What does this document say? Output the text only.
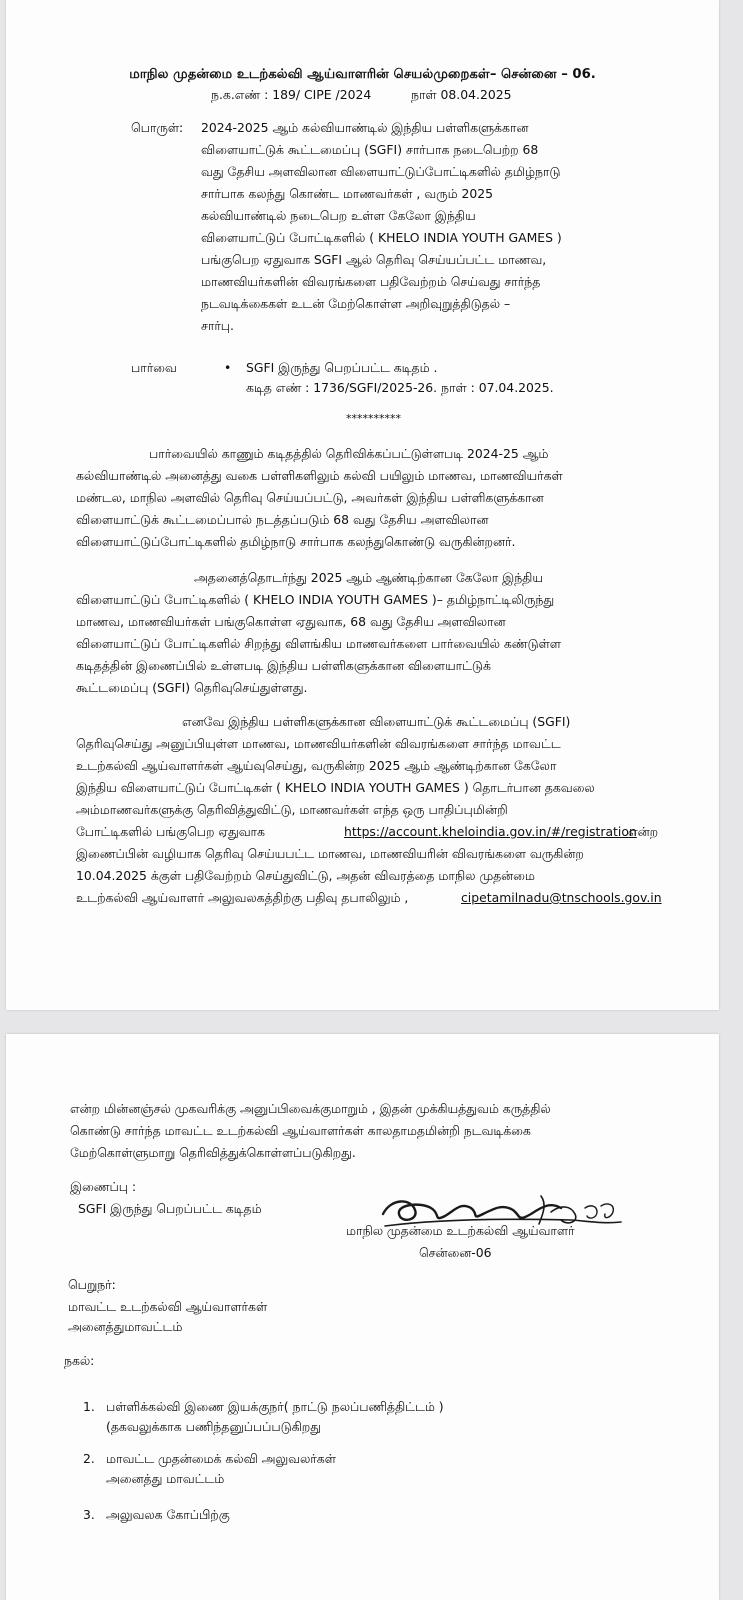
மாநில முதன்மை உடற்கல்வி ஆய்வாளரின் செயல்முறைகள்– சென்னை – 06.
ந.க.எண் : 189/ CIPE /2024	நாள் 08.04.2025
பொருள்: 2024-2025 ஆம் கல்வியாண்டில் இந்திய பள்ளிகளுக்கான
விளையாட்டுக் கூட்டமைப்பு (SGFI) சார்பாக நடைபெற்ற 68
வது தேசிய அளவிலான விளையாட்டுப்போட்டிகளில் தமிழ்நாடு
சார்பாக கலந்து கொண்ட மாணவர்கள் , வரும் 2025
கல்வியாண்டில் நடைபெற உள்ள கேலோ இந்திய
விளையாட்டுப் போட்டிகளில் ( KHELO INDIA YOUTH GAMES )
பங்குபெற ஏதுவாக SGFI ஆல் தெரிவு செய்யப்பட்ட மாணவ,
மாணவியர்களின் விவரங்களை பதிவேற்றம் செய்வது சார்ந்த
நடவடிக்கைகள் உடன் மேற்கொள்ள அறிவுறுத்திடுதல் –
சார்பு.
பார்வை	• SGFI இருந்து பெறப்பட்ட கடிதம் .
கடித எண் : 1736/SGFI/2025-26. நாள் : 07.04.2025.
**********
பார்வையில் காணும் கடிதத்தில் தெரிவிக்கப்பட்டுள்ளபடி 2024-25 ஆம்
கல்வியாண்டில் அனைத்து வகை பள்ளிகளிலும் கல்வி பயிலும் மாணவ, மாணவியர்கள்
மண்டல, மாநில அளவில் தெரிவு செய்யப்பட்டு, அவர்கள் இந்திய பள்ளிகளுக்கான
விளையாட்டுக் கூட்டமைப்பால் நடத்தப்படும் 68 வது தேசிய அளவிலான
விளையாட்டுப்போட்டிகளில் தமிழ்நாடு சார்பாக கலந்துகொண்டு வருகின்றனர்.
அதனைத்தொடர்ந்து 2025 ஆம் ஆண்டிற்கான கேலோ இந்திய
விளையாட்டுப் போட்டிகளில் ( KHELO INDIA YOUTH GAMES )– தமிழ்நாட்டிலிருந்து
மாணவ, மாணவியர்கள் பங்குகொள்ள ஏதுவாக, 68 வது தேசிய அளவிலான
விளையாட்டுப் போட்டிகளில் சிறந்து விளங்கிய மாணவர்களை பார்வையில் கண்டுள்ள
கடிதத்தின் இணைப்பில் உள்ளபடி இந்திய பள்ளிகளுக்கான விளையாட்டுக்
கூட்டமைப்பு (SGFI) தெரிவுசெய்துள்ளது.
எனவே இந்திய பள்ளிகளுக்கான விளையாட்டுக் கூட்டமைப்பு (SGFI)
தெரிவுசெய்து அனுப்பியுள்ள மாணவ, மாணவியர்களின் விவரங்களை சார்ந்த மாவட்ட
உடற்கல்வி ஆய்வாளர்கள் ஆய்வுசெய்து, வருகின்ற 2025 ஆம் ஆண்டிற்கான கேலோ
இந்திய விளையாட்டுப் போட்டிகள் ( KHELO INDIA YOUTH GAMES ) தொடர்பான தகவலை
அம்மாணவர்களுக்கு தெரிவித்துவிட்டு, மாணவர்கள் எந்த ஒரு பாதிப்புமின்றி
போட்டிகளில் பங்குபெற ஏதுவாக	https://account.kheloindia.gov.in/#/registration
என்ற
இணைப்பின் வழியாக தெரிவு செய்யபட்ட மாணவ, மாணவியரின் விவரங்களை வருகின்ற
10.04.2025 க்குள் பதிவேற்றம் செய்துவிட்டு, அதன் விவரத்தை மாநில முதன்மை
உடற்கல்வி ஆய்வாளர் அலுவலகத்திற்கு பதிவு தபாலிலும் ,	cipetamilnadu@tnschools.gov.in
என்ற மின்னஞ்சல் முகவரிக்கு அனுப்பிவைக்குமாறும் , இதன் முக்கியத்துவம் கருத்தில்
கொண்டு சார்ந்த மாவட்ட உடற்கல்வி ஆய்வாளர்கள் காலதாமதமின்றி நடவடிக்கை
மேற்கொள்ளுமாறு தெரிவித்துக்கொள்ளப்படுகிறது.
இணைப்பு :
SGFI இருந்து பெறப்பட்ட கடிதம்
மாநில முதன்மை உடற்கல்வி ஆய்வாளர்
சென்னை-06
பெறுநர்:
மாவட்ட உடற்கல்வி ஆய்வாளர்கள்
அனைத்துமாவட்டம்
நகல்:
1. பள்ளிக்கல்வி இணை இயக்குநர்( நாட்டு நலப்பணித்திட்டம் )
(தகவலுக்காக பணிந்தனுப்பப்படுகிறது
2. மாவட்ட முதன்மைக் கல்வி அலுவலர்கள்
அனைத்து மாவட்டம்
3. அலுவலக கோப்பிற்கு
